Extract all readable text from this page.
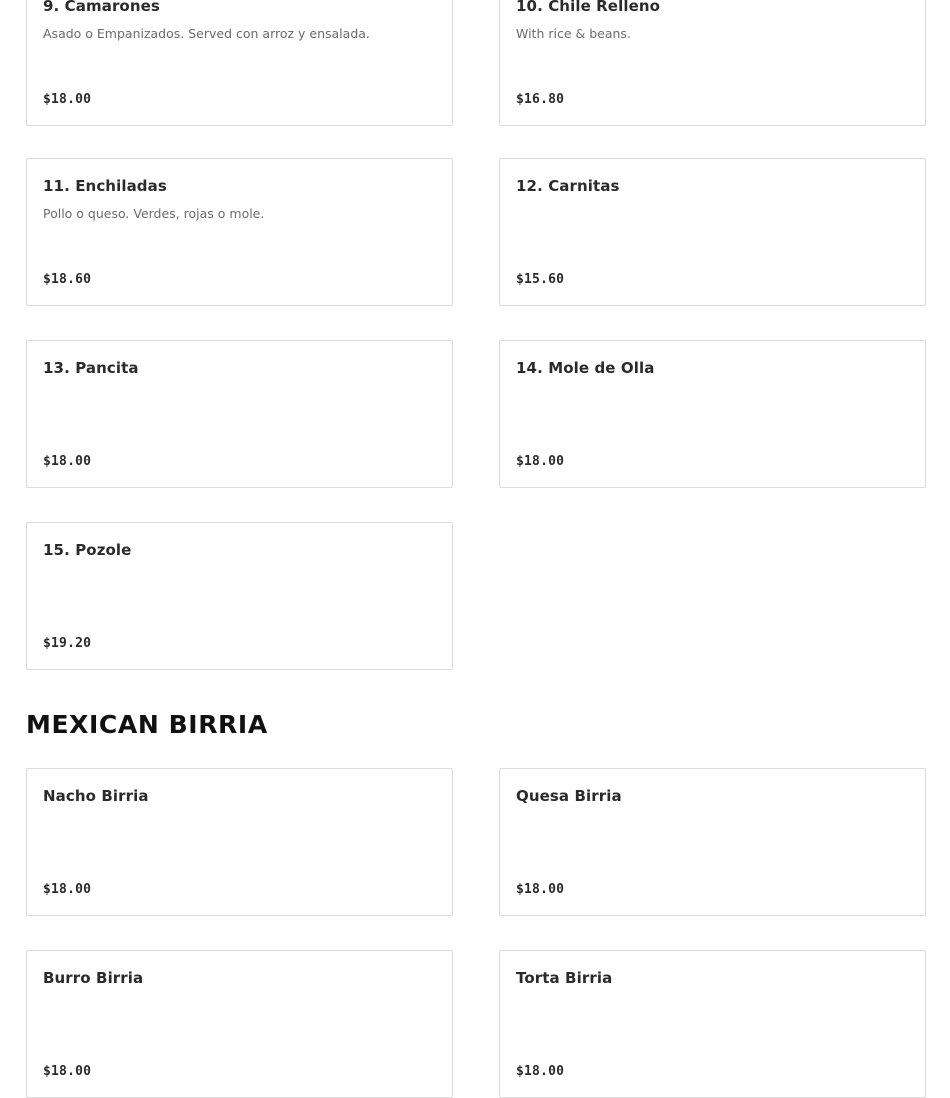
9. Camarones
Asado o Empanizados. Served con arroz y ensalada.
$18.00
10. Chile Relleno
With rice & beans.
$16.80
11. Enchiladas
Pollo o queso. Verdes, rojas o mole.
$18.60
12. Carnitas
$15.60
13. Pancita
$18.00
14. Mole de Olla
$18.00
15. Pozole
$19.20
MEXICAN BIRRIA
Nacho Birria
$18.00
Quesa Birria
$18.00
Burro Birria
$18.00
Torta Birria
$18.00
